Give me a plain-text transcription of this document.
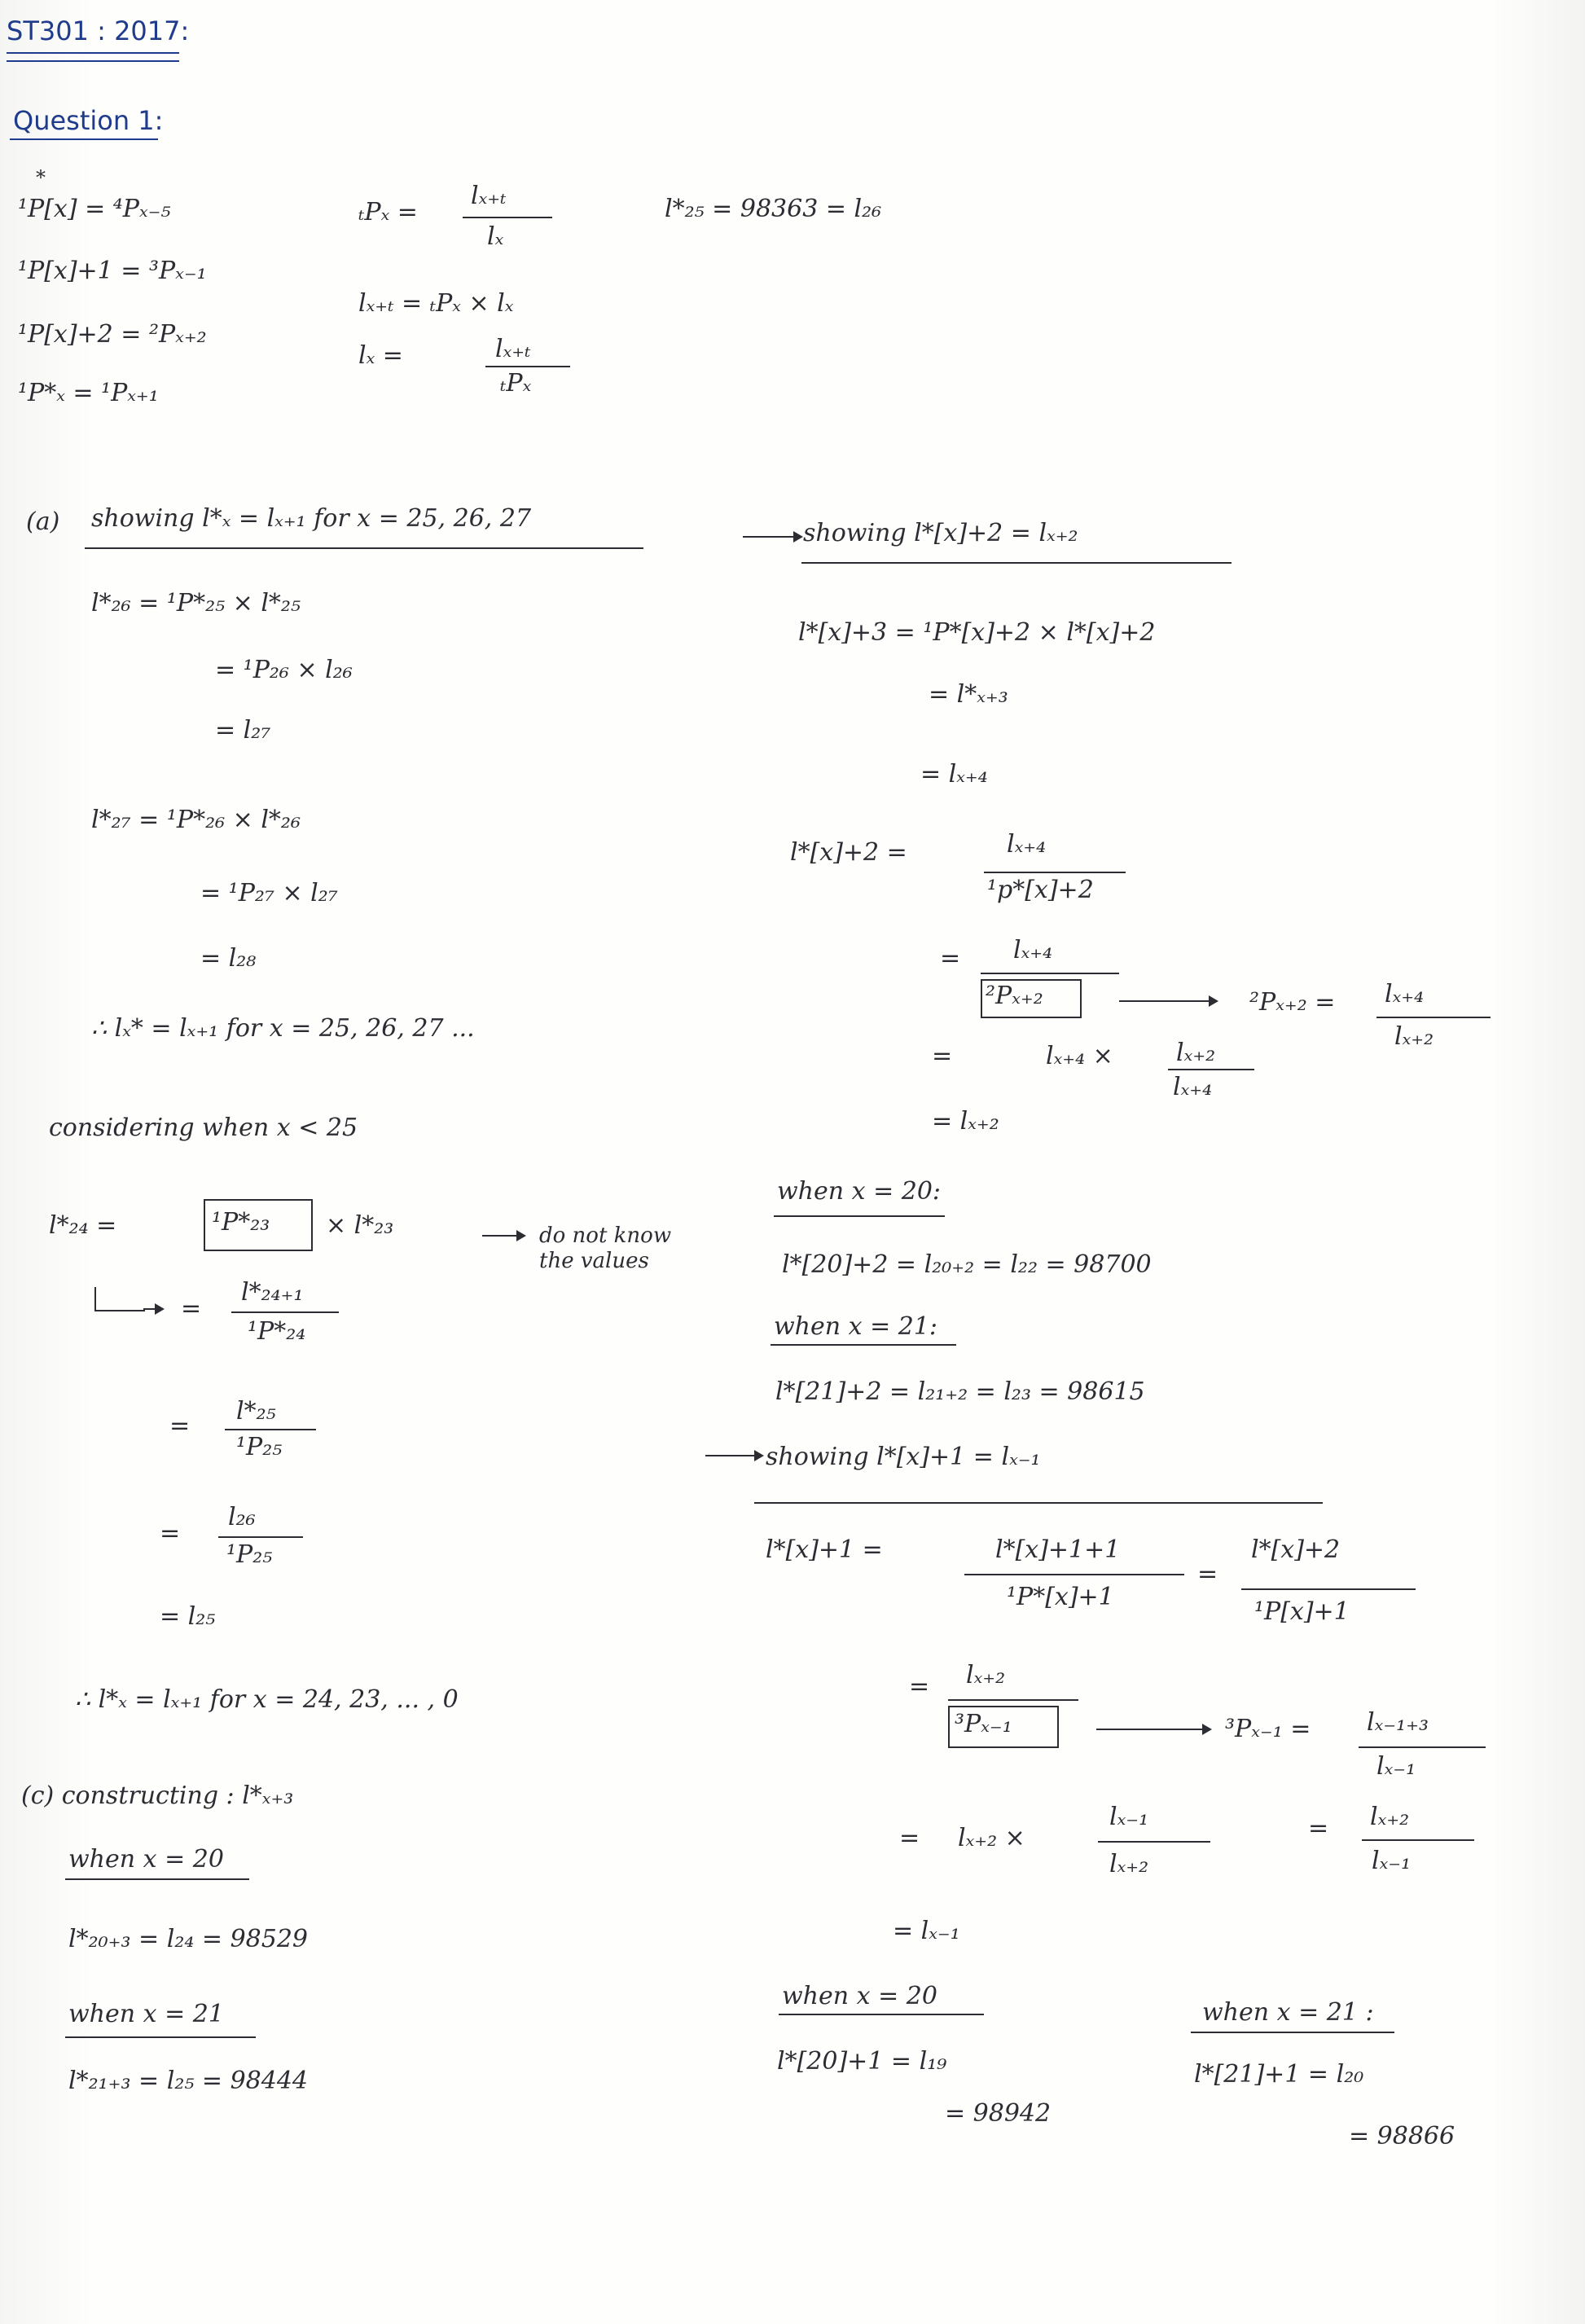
ST301 : 2017:
Question 1:
*
¹P[x] = ⁴Pₓ₋₅
¹P[x]+1 = ³Pₓ₋₁
¹P[x]+2 = ²Pₓ₊₂
¹P*ₓ = ¹Pₓ₊₁
ₜPₓ =
lₓ₊ₜ
lₓ
lₓ₊ₜ = ₜPₓ × lₓ
lₓ =	lₓ₊ₜ
ₜPₓ
l*₂₅ = 98363 = l₂₆
(a) showing l*ₓ = lₓ₊₁ for x = 25, 26, 27
l*₂₆ = ¹P*₂₅ × l*₂₅
= ¹P₂₆ × l₂₆
= l₂₇
l*₂₇ = ¹P*₂₆ × l*₂₆
= ¹P₂₇ × l₂₇
= l₂₈
∴ lₓ* = lₓ₊₁ for x = 25, 26, 27 ...
considering when x < 25
l*₂₄ =	¹P*₂₃ × l*₂₃	do not know the values
=
l*₂₄₊₁
¹P*₂₄
=
l*₂₅
¹P₂₅
=
l₂₆
¹P₂₅
= l₂₅
∴ l*ₓ = lₓ₊₁ for x = 24, 23, ... , 0
(c) constructing : l*ₓ₊₃
when x = 20
l*₂₀₊₃ = l₂₄ = 98529
when x = 21
l*₂₁₊₃ = l₂₅ = 98444
showing l*[x]+2 = lₓ₊₂
l*[x]+3 = ¹P*[x]+2 × l*[x]+2
= l*ₓ₊₃
= lₓ₊₄
l*[x]+2 =	lₓ₊₄
¹p*[x]+2
= lₓ₊₄
²Pₓ₊₂	²Pₓ₊₂ = lₓ₊₄
lₓ₊₂
=	lₓ₊₄ ×	lₓ₊₂
lₓ₊₄
= lₓ₊₂
when x = 20:
l*[20]+2 = l₂₀₊₂ = l₂₂ = 98700
when x = 21:
l*[21]+2 = l₂₁₊₂ = l₂₃ = 98615
showing l*[x]+1 = lₓ₋₁
l*[x]+1 =	l*[x]+1+1
¹P*[x]+1
=
l*[x]+2
¹P[x]+1
= lₓ₊₂
³Pₓ₋₁	³Pₓ₋₁ = lₓ₋₁₊₃
lₓ₋₁
= lₓ₊₂ ×
lₓ₋₁
lₓ₊₂
= lₓ₊₂
lₓ₋₁
= lₓ₋₁
when x = 20
l*[20]+1 = l₁₉
= 98942
when x = 21 :
l*[21]+1 = l₂₀
= 98866
